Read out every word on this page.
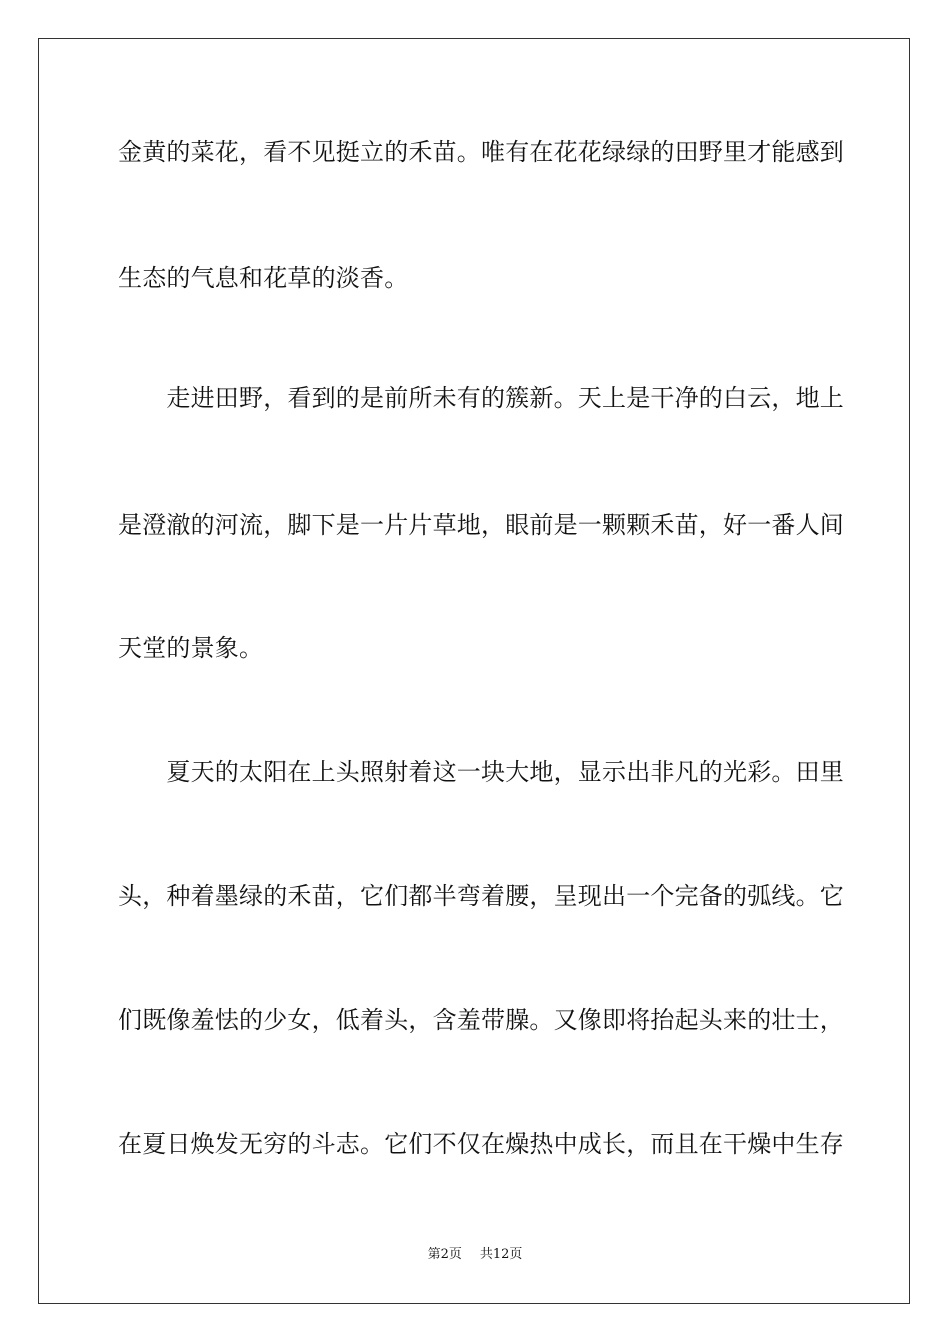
金黄的菜花，看不见挺立的禾苗。唯有在花花绿绿的田野里才能感到
生态的气息和花草的淡香。
　　走进田野，看到的是前所未有的簇新。天上是干净的白云，地上
是澄澈的河流，脚下是一片片草地，眼前是一颗颗禾苗，好一番人间
天堂的景象。
　　夏天的太阳在上头照射着这一块大地，显示出非凡的光彩。田里
头，种着墨绿的禾苗，它们都半弯着腰，呈现出一个完备的弧线。它
们既像羞怯的少女，低着头，含羞带臊。又像即将抬起头来的壮士，
在夏日焕发无穷的斗志。它们不仅在燥热中成长，而且在干燥中生存
第2页 共12页
